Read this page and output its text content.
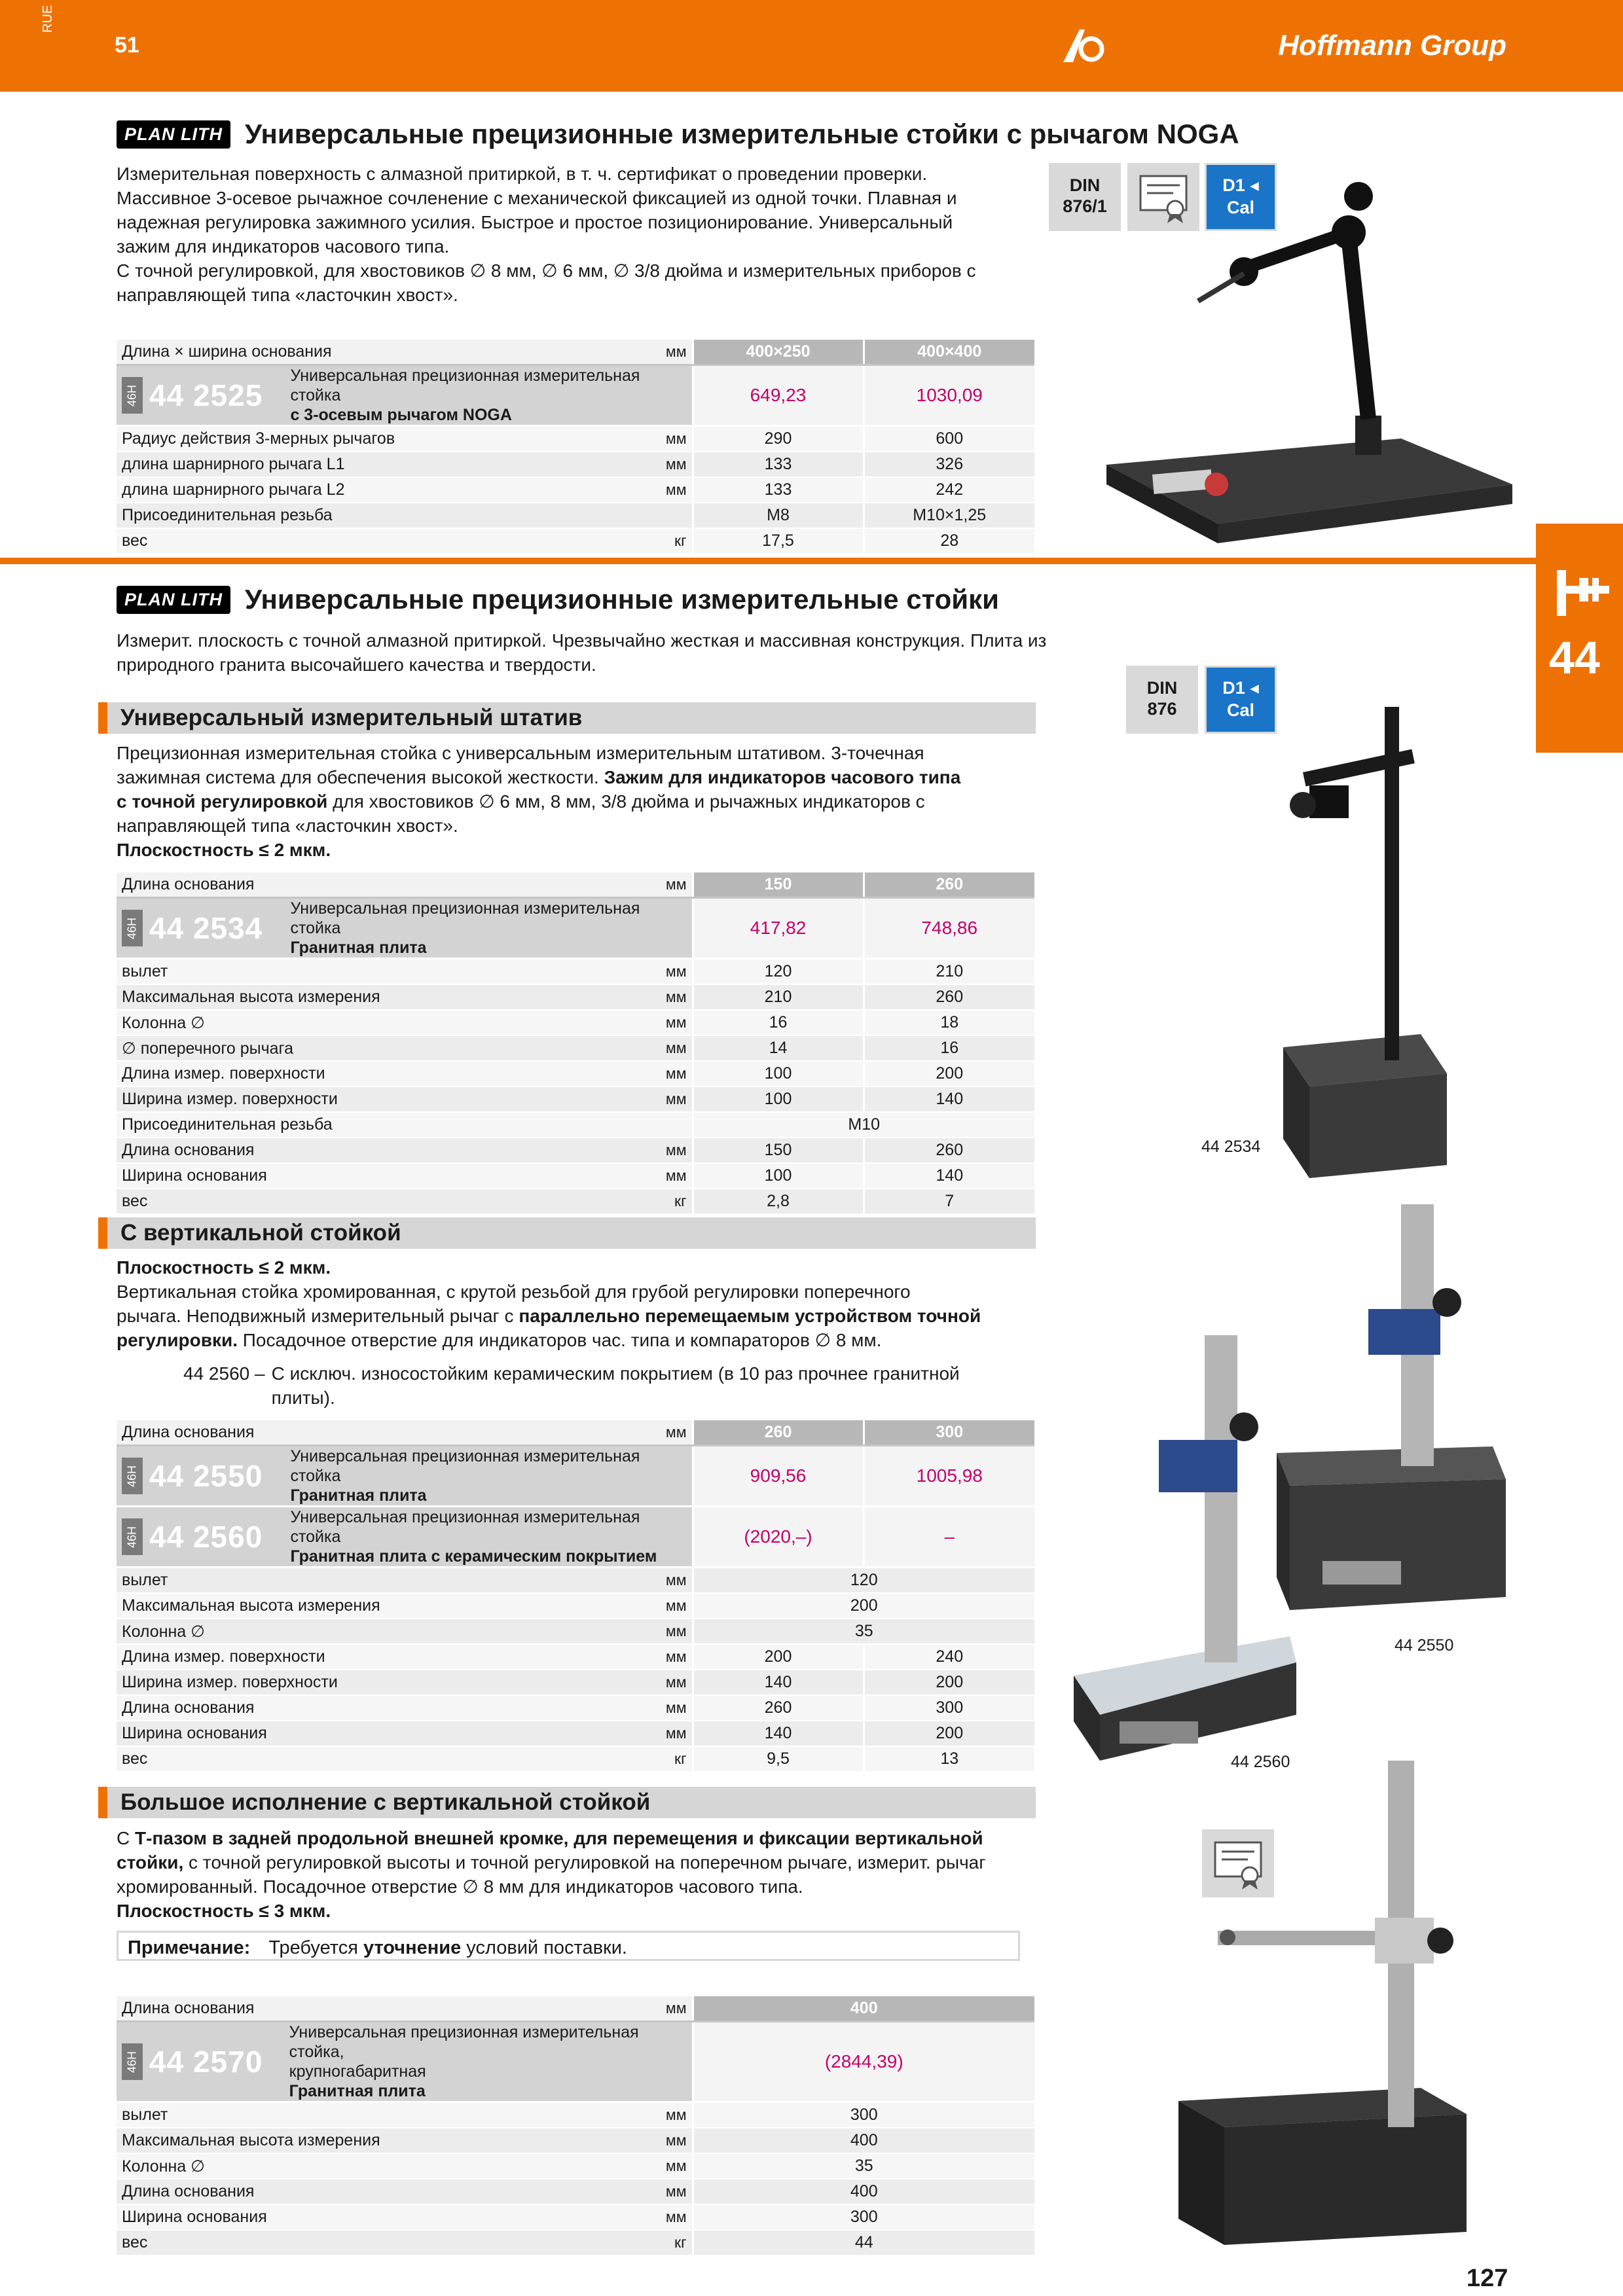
RUE
51	Hoffmann Group
44
PLAN LITH Универсальные прецизионные измерительные стойки с рычагом NOGA
Измерительная поверхность с алмазной притиркой, в т. ч. сертификат о проведении проверки.
Массивное 3-осевое рычажное сочленение с механической фиксацией из одной точки. Плавная и
надежная регулировка зажимного усилия. Быстрое и простое позиционирование. Универсальный
зажим для индикаторов часового типа.
С точной регулировкой, для хвостовиков ∅ 8 мм, ∅ 6 мм, ∅ 3/8 дюйма и измерительных приборов с
направляющей типа «ласточкин хвост».
DIN
876/1
D1 ◂
Cal
Длина × ширина основания	мм	400×250	400×400

46H 44 2525
Универсальная прецизионная измерительная стойка
с 3-осевым рычагом NOGA		649,23	1030,09
Радиус действия 3-мерных рычагов	мм	290	600
длина шарнирного рычага L1	мм	133	326
длина шарнирного рычага L2	мм	133	242
Присоединительная резьба		M8	M10×1,25
вес	кг	17,5	28
PLAN LITH Универсальные прецизионные измерительные стойки
Измерит. плоскость с точной алмазной притиркой. Чрезвычайно жесткая и массивная конструкция. Плита из
природного гранита высочайшего качества и твердости.
DIN
876
D1 ◂
Cal
Универсальный измерительный штатив
Прецизионная измерительная стойка с универсальным измерительным штативом. 3-точечная
зажимная система для обеспечения высокой жесткости. Зажим для индикаторов часового типа
с точной регулировкой для хвостовиков ∅ 6 мм, 8 мм, 3/8 дюйма и рычажных индикаторов с
направляющей типа «ласточкин хвост».
Плоскостность ≤ 2 мкм.
44 2534
Длина основания	мм	150	260

46H 44 2534
Универсальная прецизионная измерительная стойка
Гранитная плита		417,82	748,86
вылет	мм	120	210
Максимальная высота измерения	мм	210	260
Колонна ∅	мм	16	18
∅ поперечного рычага	мм	14	16
Длина измер. поверхности	мм	100	200
Ширина измер. поверхности	мм	100	140
Присоединительная резьба		M10	
Длина основания	мм	150	260
Ширина основания	мм	100	140
вес	кг	2,8	7
С вертикальной стойкой
Плоскостность ≤ 2 мкм.
Вертикальная стойка хромированная, с крутой резьбой для грубой регулировки поперечного
рычага. Неподвижный измерительный рычаг с параллельно перемещаемым устройством точной
регулировки. Посадочное отверстие для индикаторов час. типа и компараторов ∅ 8 мм.
44 2560 – С исключ. износостойким керамическим покрытием (в 10 раз прочнее гранитной
плиты).
44 2550
44 2560
Длина основания	мм	260	300

46H 44 2550
Универсальная прецизионная измерительная стойка
Гранитная плита		909,56	1005,98

46H 44 2560
Универсальная прецизионная измерительная стойка
Гранитная плита с керамическим покрытием		(2020,–)	–
вылет	мм	120	
Максимальная высота измерения	мм	200	
Колонна ∅	мм	35	
Длина измер. поверхности	мм	200	240
Ширина измер. поверхности	мм	140	200
Длина основания	мм	260	300
Ширина основания	мм	140	200
вес	кг	9,5	13
Большое исполнение с вертикальной стойкой
С Т-пазом в задней продольной внешней кромке, для перемещения и фиксации вертикальной
стойки, с точной регулировкой высоты и точной регулировкой на поперечном рычаге, измерит. рычаг
хромированный. Посадочное отверстие ∅ 8 мм для индикаторов часового типа.
Плоскостность ≤ 3 мкм.
Примечание: Требуется уточнение условий поставки.
Длина основания	мм	400

46H 44 2570
Универсальная прецизионная измерительная стойка,
крупногабаритная
Гранитная плита		(2844,39)
вылет	мм	300
Максимальная высота измерения	мм	400
Колонна ∅	мм	35
Длина основания	мм	400
Ширина основания	мм	300
вес	кг	44
127
